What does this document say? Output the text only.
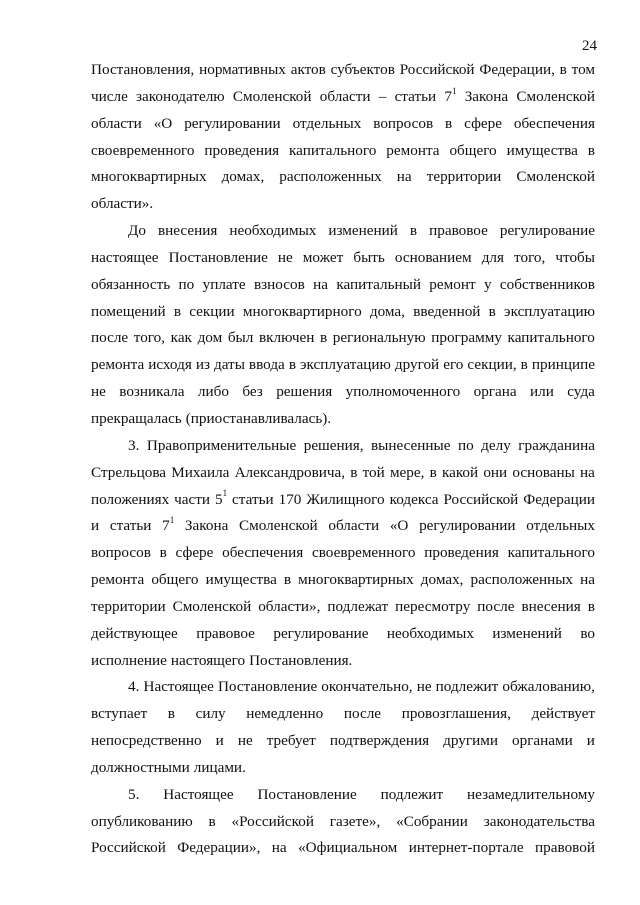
24
Постановления, нормативных актов субъектов Российской Федерации, в том
числе законодателю Смоленской области – статьи $7^1$ Закона Смоленской
области «О регулировании отдельных вопросов в сфере обеспечения
своевременного проведения капитального ремонта общего имущества в
многоквартирных домах, расположенных на территории Смоленской
области».
До внесения необходимых изменений в правовое регулирование
настоящее Постановление не может быть основанием для того, чтобы
обязанность по уплате взносов на капитальный ремонт у собственников
помещений в секции многоквартирного дома, введенной в эксплуатацию
после того, как дом был включен в региональную программу капитального
ремонта исходя из даты ввода в эксплуатацию другой его секции, в принципе
не возникала либо без решения уполномоченного органа или суда
прекращалась (приостанавливалась).
3. Правоприменительные решения, вынесенные по делу гражданина
Стрельцова Михаила Александровича, в той мере, в какой они основаны на
положениях части $5^1$ статьи 170 Жилищного кодекса Российской Федерации
и статьи $7^1$ Закона Смоленской области «О регулировании отдельных
вопросов в сфере обеспечения своевременного проведения капитального
ремонта общего имущества в многоквартирных домах, расположенных на
территории Смоленской области», подлежат пересмотру после внесения в
действующее правовое регулирование необходимых изменений во
исполнение настоящего Постановления.
4. Настоящее Постановление окончательно, не подлежит обжалованию,
вступает в силу немедленно после провозглашения, действует
непосредственно и не требует подтверждения другими органами и
должностными лицами.
5. Настоящее Постановление подлежит незамедлительному
опубликованию в «Российской газете», «Собрании законодательства
Российской Федерации», на «Официальном интернет-портале правовой
